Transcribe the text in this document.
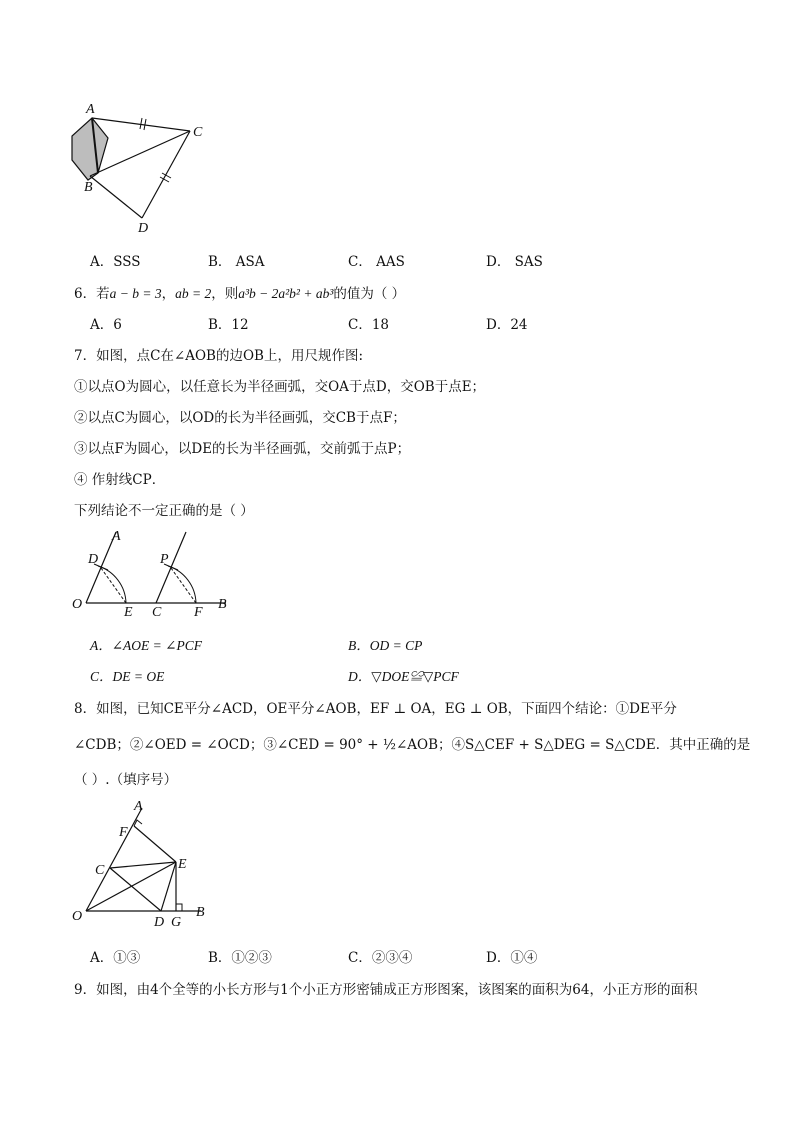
A
C
B
D
A．SSS	B． ASA	C． AAS	D． SAS
6．若a − b = 3，ab = 2，则a³b − 2a²b² + ab³的值为（ ）
A．6	B．12	C．18	D．24
7．如图，点C在∠AOB的边OB上，用尺规作图:
①以点O为圆心，以任意长为半径画弧，交OA于点D，交OB于点E；
②以点C为圆心，以OD的长为半径画弧，交CB于点F；
③以点F为圆心，以DE的长为半径画弧，交前弧于点P；
④ 作射线CP．
下列结论不一定正确的是（ ）
A
D	P
O
E C F
B
A．∠AOE = ∠PCF	B．OD = CP
C．DE = OE	D．▽DOE≌▽PCF
8．如图，已知CE平分∠ACD，OE平分∠AOB，EF ⊥ OA，EG ⊥ OB，下面四个结论：①DE平分
∠CDB；②∠OED = ∠OCD；③∠CED = 90° + ½∠AOB；④S△CEF + S△DEG = S△CDE．其中正确的是
（ ）.（填序号）
A
F
C	E
O	D G
B
A．①③	B．①②③	C．②③④	D．①④
9．如图，由4个全等的小长方形与1个小正方形密铺成正方形图案，该图案的面积为64，小正方形的面积
